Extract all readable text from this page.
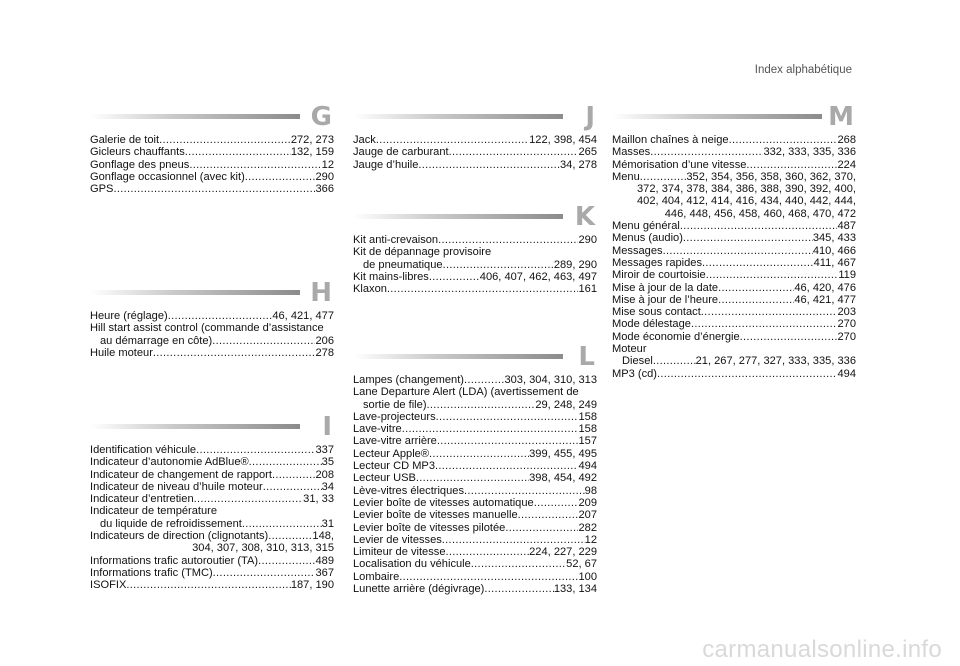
Index alphabétique
G
Galerie de toit .....	272, 273
Gicleurs chauffants .....	132, 159
Gonflage des pneus .....	12
Gonflage occasionnel (avec kit) .....	290
GPS .....	366
H
Heure (réglage) .....	46, 421, 477
Hill start assist control (commande d’assistance
au démarrage en côte) .....	206
Huile moteur .....	278
I
Identification véhicule .....	337
Indicateur d’autonomie AdBlue® .....	35
Indicateur de changement de rapport .....	208
Indicateur de niveau d’huile moteur .....	34
Indicateur d’entretien .....	31, 33
Indicateur de température
du liquide de refroidissement .....	31
Indicateurs de direction (clignotants) .....	148,
304, 307, 308, 310, 313, 315
Informations trafic autoroutier (TA) .....	489
Informations trafic (TMC) .....	367
ISOFIX .....	187, 190
J
Jack .....	122, 398, 454
Jauge de carburant .....	265
Jauge d’huile .....	34, 278
K
Kit anti-crevaison .....	290
Kit de dépannage provisoire
de pneumatique .....	289, 290
Kit mains-libres .....	406, 407, 462, 463, 497
Klaxon .....	161
L
Lampes (changement) .....	303, 304, 310, 313
Lane Departure Alert (LDA) (avertissement de
sortie de file) .....	29, 248, 249
Lave-projecteurs .....	158
Lave-vitre .....	158
Lave-vitre arrière .....	157
Lecteur Apple® .....	399, 455, 495
Lecteur CD MP3 .....	494
Lecteur USB .....	398, 454, 492
Lève-vitres électriques .....	98
Levier boîte de vitesses automatique .....	209
Levier boîte de vitesses manuelle .....	207
Levier boîte de vitesses pilotée .....	282
Levier de vitesses .....	12
Limiteur de vitesse .....	224, 227, 229
Localisation du véhicule .....	52, 67
Lombaire .....	100
Lunette arrière (dégivrage) .....	133, 134
M
Maillon chaînes à neige .....	268
Masses .....	332, 333, 335, 336
Mémorisation d’une vitesse .....	224
Menu .....	352, 354, 356, 358, 360, 362, 370,
372, 374, 378, 384, 386, 388, 390, 392, 400,
402, 404, 412, 414, 416, 434, 440, 442, 444,
446, 448, 456, 458, 460, 468, 470, 472
Menu général .....	487
Menus (audio) .....	345, 433
Messages .....	410, 466
Messages rapides .....	411, 467
Miroir de courtoisie .....	119
Mise à jour de la date .....	46, 420, 476
Mise à jour de l’heure .....	46, 421, 477
Mise sous contact .....	203
Mode délestage .....	270
Mode économie d’énergie .....	270
Moteur
Diesel .....	21, 267, 277, 327, 333, 335, 336
MP3 (cd) .....	494
carmanualsonline.info
